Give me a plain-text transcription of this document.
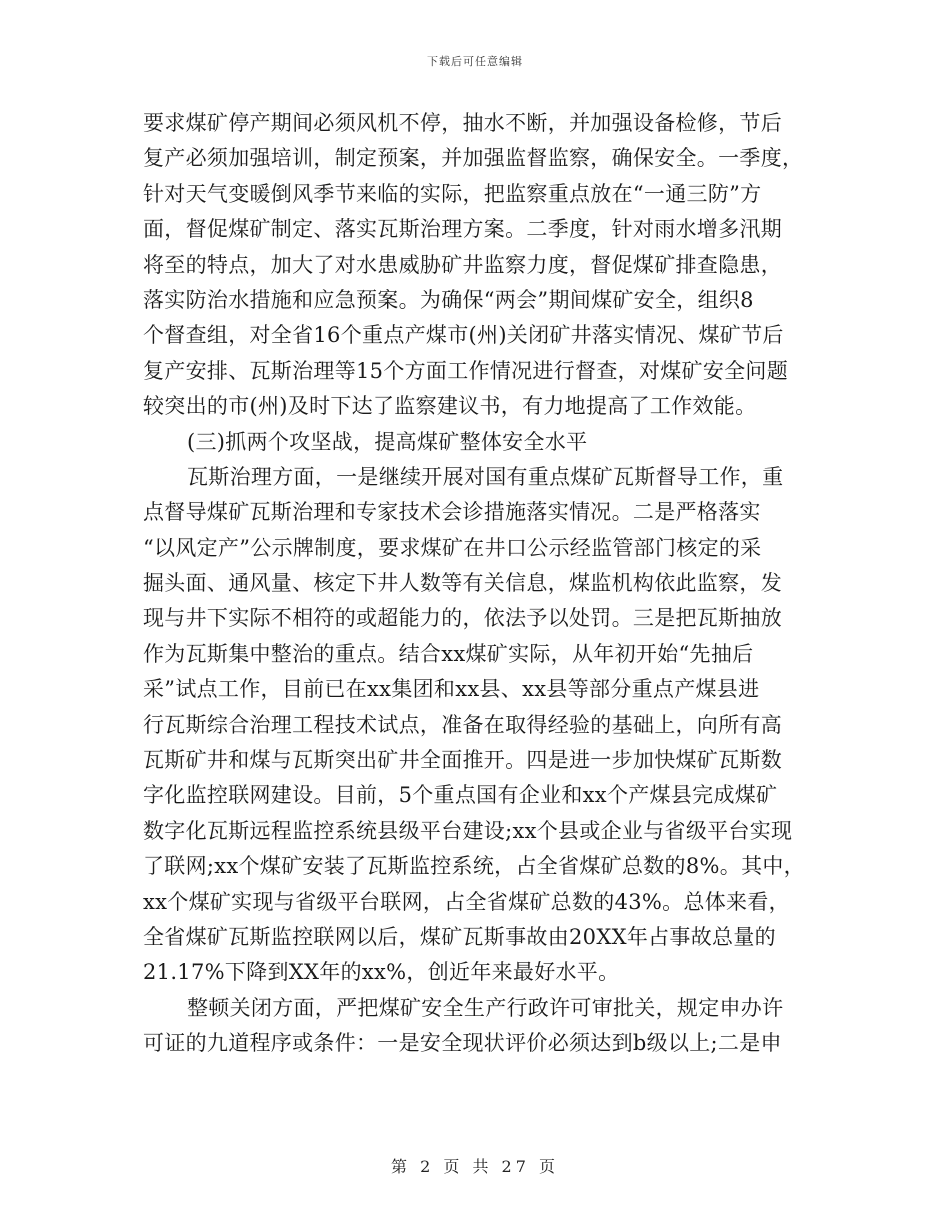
下载后可任意编辑
要求煤矿停产期间必须风机不停，抽水不断，并加强设备检修，节后
复产必须加强培训，制定预案，并加强监督监察，确保安全。一季度，
针对天气变暖倒风季节来临的实际，把监察重点放在“一通三防”方
面，督促煤矿制定、落实瓦斯治理方案。二季度，针对雨水增多汛期
将至的特点，加大了对水患威胁矿井监察力度，督促煤矿排查隐患，
落实防治水措施和应急预案。为确保“两会”期间煤矿安全，组织8
个督查组，对全省16个重点产煤市(州)关闭矿井落实情况、煤矿节后
复产安排、瓦斯治理等15个方面工作情况进行督查，对煤矿安全问题
较突出的市(州)及时下达了监察建议书，有力地提高了工作效能。
(三)抓两个攻坚战，提高煤矿整体安全水平
瓦斯治理方面，一是继续开展对国有重点煤矿瓦斯督导工作，重
点督导煤矿瓦斯治理和专家技术会诊措施落实情况。二是严格落实
“以风定产”公示牌制度，要求煤矿在井口公示经监管部门核定的采
掘头面、通风量、核定下井人数等有关信息，煤监机构依此监察，发
现与井下实际不相符的或超能力的，依法予以处罚。三是把瓦斯抽放
作为瓦斯集中整治的重点。结合xx煤矿实际，从年初开始“先抽后
采”试点工作，目前已在xx集团和xx县、xx县等部分重点产煤县进
行瓦斯综合治理工程技术试点，准备在取得经验的基础上，向所有高
瓦斯矿井和煤与瓦斯突出矿井全面推开。四是进一步加快煤矿瓦斯数
字化监控联网建设。目前，5个重点国有企业和xx个产煤县完成煤矿
数字化瓦斯远程监控系统县级平台建设;xx个县或企业与省级平台实现
了联网;xx个煤矿安装了瓦斯监控系统，占全省煤矿总数的8%。其中，
xx个煤矿实现与省级平台联网，占全省煤矿总数的43%。总体来看，
全省煤矿瓦斯监控联网以后，煤矿瓦斯事故由20XX年占事故总量的
21.17%下降到XX年的xx%，创近年来最好水平。
整顿关闭方面，严把煤矿安全生产行政许可审批关，规定申办许
可证的九道程序或条件：一是安全现状评价必须达到b级以上;二是申
第 2 页 共 27 页
